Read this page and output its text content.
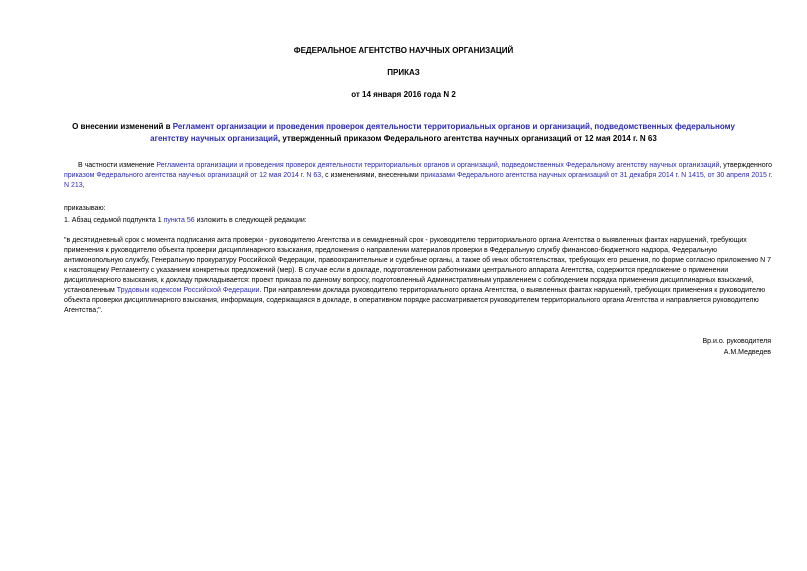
ФЕДЕРАЛЬНОЕ АГЕНТСТВО НАУЧНЫХ ОРГАНИЗАЦИЙ
ПРИКАЗ
от 14 января 2016 года N 2
О внесении изменений в Регламент организации и проведения проверок деятельности территориальных органов и организаций, подведомственных федеральному агентству научных организаций, утвержденный приказом Федерального агентства научных организаций от 12 мая 2014 г. N 63
В частности изменение Регламента организации и проведения проверок деятельности территориальных органов и организаций, подведомственных Федеральному агентству научных организаций, утвержденного приказом Федерального агентства научных организаций от 12 мая 2014 г. N 63, с изменениями, внесенными приказами Федерального агентства научных организаций от 31 декабря 2014 г. N 1415, от 30 апреля 2015 г. N 213,
приказываю:
1. Абзац седьмой подпункта 1 пункта 56 изложить в следующей редакции:
"в десятидневный срок с момента подписания акта проверки - руководителю Агентства и в семидневный срок - руководителю территориального органа Агентства о выявленных фактах нарушений, требующих применения к руководителю объекта проверки дисциплинарного взыскания, предложения о направлении материалов проверки в Федеральную службу финансово-бюджетного надзора, Федеральную антимонопольную службу, Генеральную прокуратуру Российской Федерации, правоохранительные и судебные органы, а также об иных обстоятельствах, требующих его решения, по форме согласно приложению N 7 к настоящему Регламенту с указанием конкретных предложений (мер). В случае если в докладе, подготовленном работниками центрального аппарата Агентства, содержится предложение о применении дисциплинарного взыскания, к докладу прикладывается: проект приказа по данному вопросу, подготовленный Административным управлением с соблюдением порядка применения дисциплинарных взысканий, установленным Трудовым кодексом Российской Федерации. При направлении доклада руководителю территориального органа Агентства, о выявленных фактах нарушений, требующих применения к руководителю объекта проверки дисциплинарного взыскания, информация, содержащаяся в докладе, в оперативном порядке рассматривается руководителем территориального органа Агентства и направляется руководителю Агентства;".
Вр.и.о. руководителя
А.М.Медведев
